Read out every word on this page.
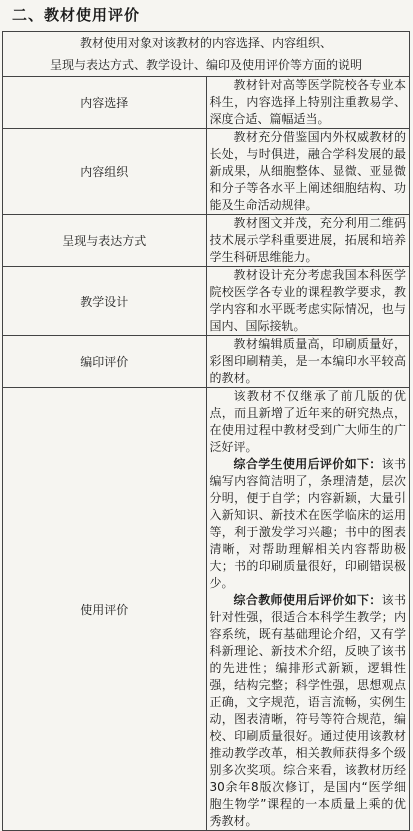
二、教材使用评价
教材使用对象对该教材的内容选择、内容组织、
呈现与表达方式、教学设计、编印及使用评价等方面的说明	

内容选择	教材针对高等医学院校各专业本科生，内容选择上特别注重教易学、深度合适、篇幅适当。

内容组织	教材充分借鉴国内外权威教材的长处，与时俱进，融合学科发展的最新成果，从细胞整体、显微、亚显微和分子等各水平上阐述细胞结构、功能及生命活动规律。

呈现与表达方式	教材图文并茂，充分利用二维码技术展示学科重要进展，拓展和培养学生科研思维能力。

教学设计	教材设计充分考虑我国本科医学院校医学各专业的课程教学要求，教学内容和水平既考虑实际情况，也与国内、国际接轨。

编印评价	教材编辑质量高，印刷质量好，彩图印刷精美，是一本编印水平较高的教材。

使用评价	该教材不仅继承了前几版的优点，而且新增了近年来的研究热点，在使用过程中教材受到广大师生的广泛好评。

综合学生使用后评价如下：该书编写内容简洁明了，条理清楚，层次分明，便于自学；内容新颖，大量引入新知识、新技术在医学临床的运用等，利于激发学习兴趣；书中的图表清晰，对帮助理解相关内容帮助极大；书的印刷质量很好，印刷错误极少。

综合教师使用后评价如下：该书针对性强，很适合本科学生教学；内容系统，既有基础理论介绍，又有学科新理论、新技术介绍，反映了该书的先进性；编排形式新颖，逻辑性强，结构完整；科学性强，思想观点正确，文字规范，语言流畅，实例生动，图表清晰，符号等符合规范，编校、印刷质量很好。通过使用该教材推动教学改革，相关教师获得多个级别多次奖项。综合来看，该教材历经30余年8版次修订，是国内“医学细胞生物学”课程的一本质量上乘的优秀教材。
